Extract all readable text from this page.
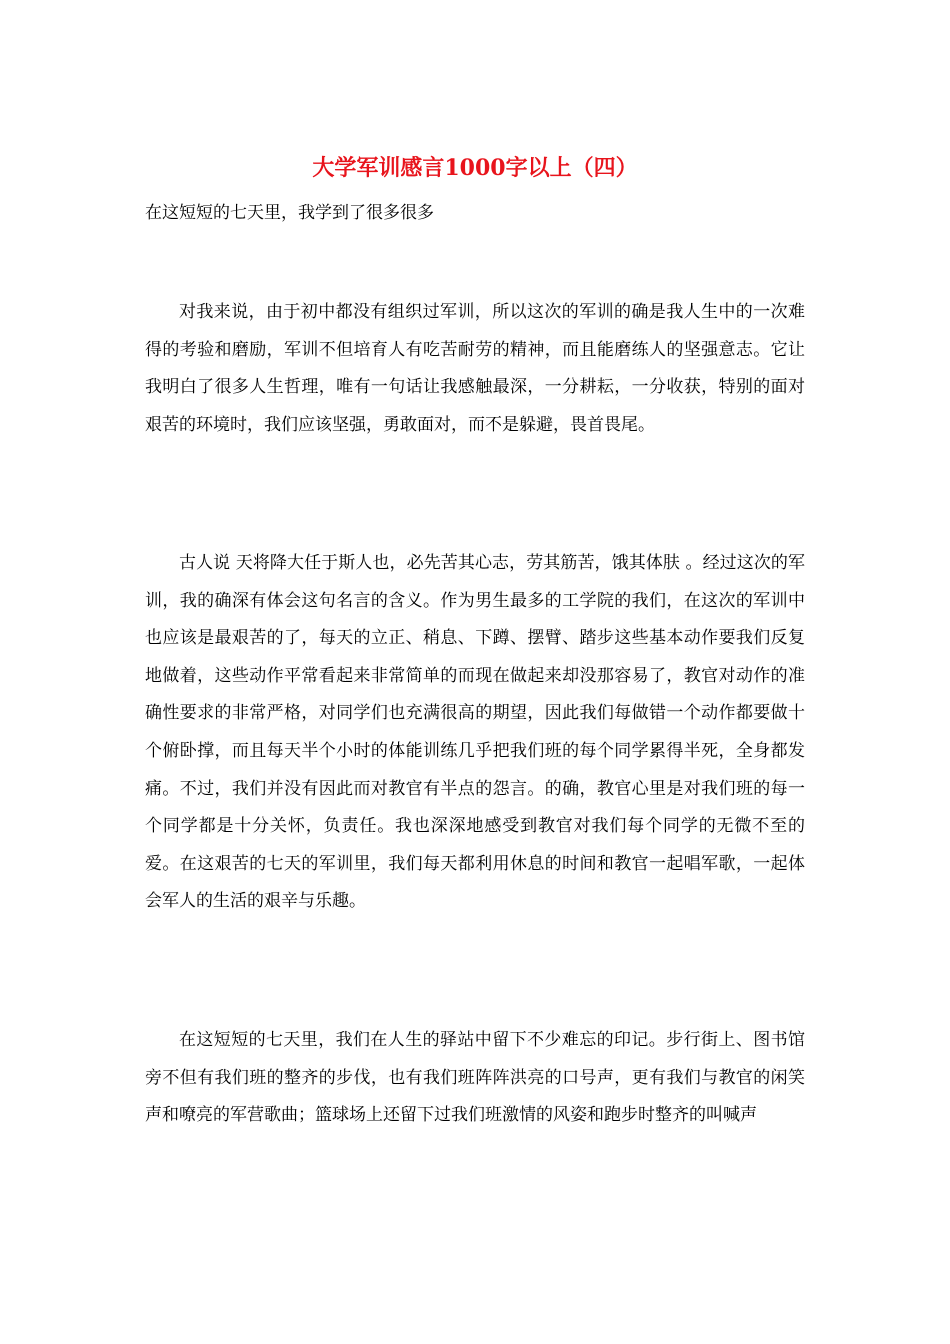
大学军训感言1000字以上（四）
在这短短的七天里，我学到了很多很多

对我来说，由于初中都没有组织过军训，所以这次的军训的确是我人生中的一次难得的考验和磨励，军训不但培育人有吃苦耐劳的精神，而且能磨练人的坚强意志。它让我明白了很多人生哲理，唯有一句话让我感触最深，一分耕耘，一分收获，特别的面对艰苦的环境时，我们应该坚强，勇敢面对，而不是躲避，畏首畏尾。

古人说 天将降大任于斯人也，必先苦其心志，劳其筋苦，饿其体肤 。经过这次的军训，我的确深有体会这句名言的含义。作为男生最多的工学院的我们，在这次的军训中也应该是最艰苦的了，每天的立正、稍息、下蹲、摆臂、踏步这些基本动作要我们反复地做着，这些动作平常看起来非常简单的而现在做起来却没那容易了，教官对动作的准确性要求的非常严格，对同学们也充满很高的期望，因此我们每做错一个动作都要做十个俯卧撑，而且每天半个小时的体能训练几乎把我们班的每个同学累得半死，全身都发痛。不过，我们并没有因此而对教官有半点的怨言。的确，教官心里是对我们班的每一个同学都是十分关怀，负责任。我也深深地感受到教官对我们每个同学的无微不至的爱。在这艰苦的七天的军训里，我们每天都利用休息的时间和教官一起唱军歌，一起体会军人的生活的艰辛与乐趣。

在这短短的七天里，我们在人生的驿站中留下不少难忘的印记。步行街上、图书馆旁不但有我们班的整齐的步伐，也有我们班阵阵洪亮的口号声，更有我们与教官的闲笑声和嘹亮的军营歌曲；篮球场上还留下过我们班激情的风姿和跑步时整齐的叫喊声
